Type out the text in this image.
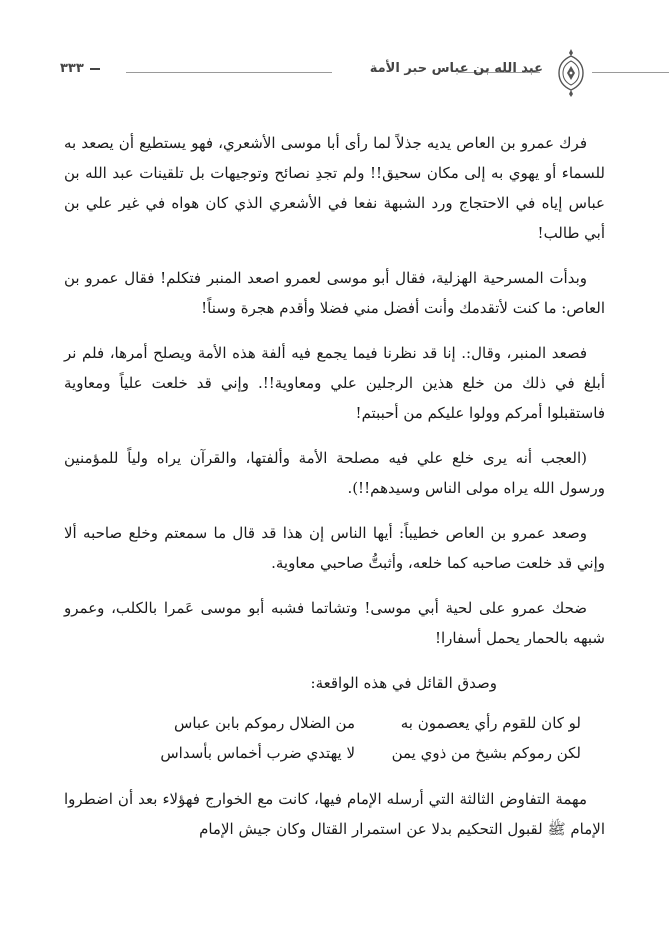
عبد الله بن عباس حبر الأمة
٣٣٣

فرك عمرو بن العاص يديه جذلاً لما رأى أبا موسى الأشعري، فهو يستطيع أن يصعد به للسماء أو يهوي به إلى مكان سحيق!! ولم تجدِ نصائح وتوجيهات بل تلقينات عبد الله بن عباس إياه في الاحتجاج ورد الشبهة نفعا في الأشعري الذي كان هواه في غير علي بن أبي طالب!

وبدأت المسرحية الهزلية، فقال أبو موسى لعمرو اصعد المنبر فتكلم! فقال عمرو بن العاص: ما كنت لأتقدمك وأنت أفضل مني فضلا وأقدم هجرة وسناً!

فصعد المنبر، وقال:. إنا قد نظرنا فيما يجمع فيه ألفة هذه الأمة ويصلح أمرها، فلم نر أبلغ في ذلك من خلع هذين الرجلين علي ومعاوية!!. وإني قد خلعت علياً ومعاوية فاستقبلوا أمركم وولوا عليكم من أحببتم!

(العجب أنه يرى خلع علي فيه مصلحة الأمة وألفتها، والقرآن يراه ولياً للمؤمنين ورسول الله يراه مولى الناس وسيدهم!!).

وصعد عمرو بن العاص خطيباً: أيها الناس إن هذا قد قال ما سمعتم وخلع صاحبه ألا وإني قد خلعت صاحبه كما خلعه، وأثبتُّ صاحبي معاوية.

ضحك عمرو على لحية أبي موسى! وتشاتما فشبه أبو موسى عَمرا بالكلب، وعمرو شبهه بالحمار يحمل أسفارا!

وصدق القائل في هذه الواقعة:

لو كان للقوم رأي يعصمون به
من الضلال رموكم بابن عباس
لكن رموكم بشيخ من ذوي يمن
لا يهتدي ضرب أخماس بأسداس

مهمة التفاوض الثالثة التي أرسله الإمام فيها، كانت مع الخوارج فهؤلاء بعد أن اضطروا الإمام ﷺ لقبول التحكيم بدلا عن استمرار القتال وكان جيش الإمام
